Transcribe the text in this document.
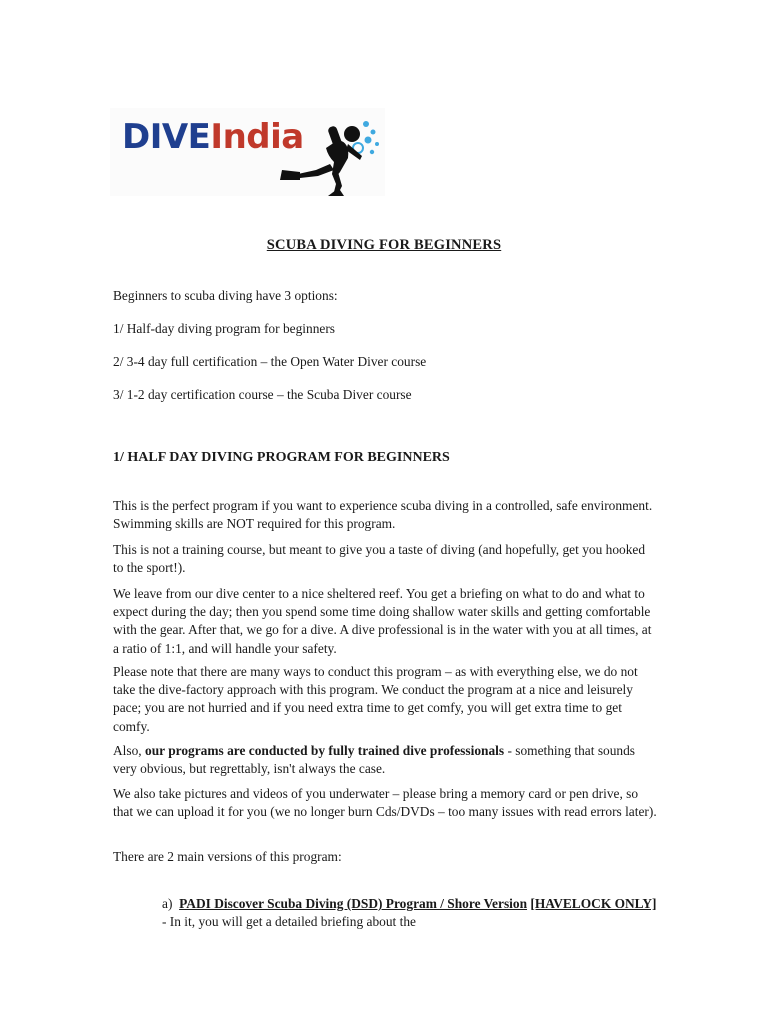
DIVEIndia
SCUBA DIVING FOR BEGINNERS
Beginners to scuba diving have 3 options:
1/ Half-day diving program for beginners
2/ 3-4 day full certification – the Open Water Diver course
3/ 1-2 day certification course – the Scuba Diver course
1/ HALF DAY DIVING PROGRAM FOR BEGINNERS
This is the perfect program if you want to experience scuba diving in a controlled, safe environment. Swimming skills are NOT required for this program.
This is not a training course, but meant to give you a taste of diving (and hopefully, get you hooked to the sport!).
We leave from our dive center to a nice sheltered reef. You get a briefing on what to do and what to expect during the day; then you spend some time doing shallow water skills and getting comfortable with the gear. After that, we go for a dive. A dive professional is in the water with you at all times, at a ratio of 1:1, and will handle your safety.
Please note that there are many ways to conduct this program – as with everything else, we do not take the dive-factory approach with this program. We conduct the program at a nice and leisurely pace; you are not hurried and if you need extra time to get comfy, you will get extra time to get comfy.
Also, our programs are conducted by fully trained dive professionals - something that sounds very obvious, but regrettably, isn't always the case.
We also take pictures and videos of you underwater – please bring a memory card or pen drive, so that we can upload it for you (we no longer burn Cds/DVDs – too many issues with read errors later).
There are 2 main versions of this program:
a) PADI Discover Scuba Diving (DSD) Program / Shore Version [HAVELOCK ONLY] - In it, you will get a detailed briefing about the
